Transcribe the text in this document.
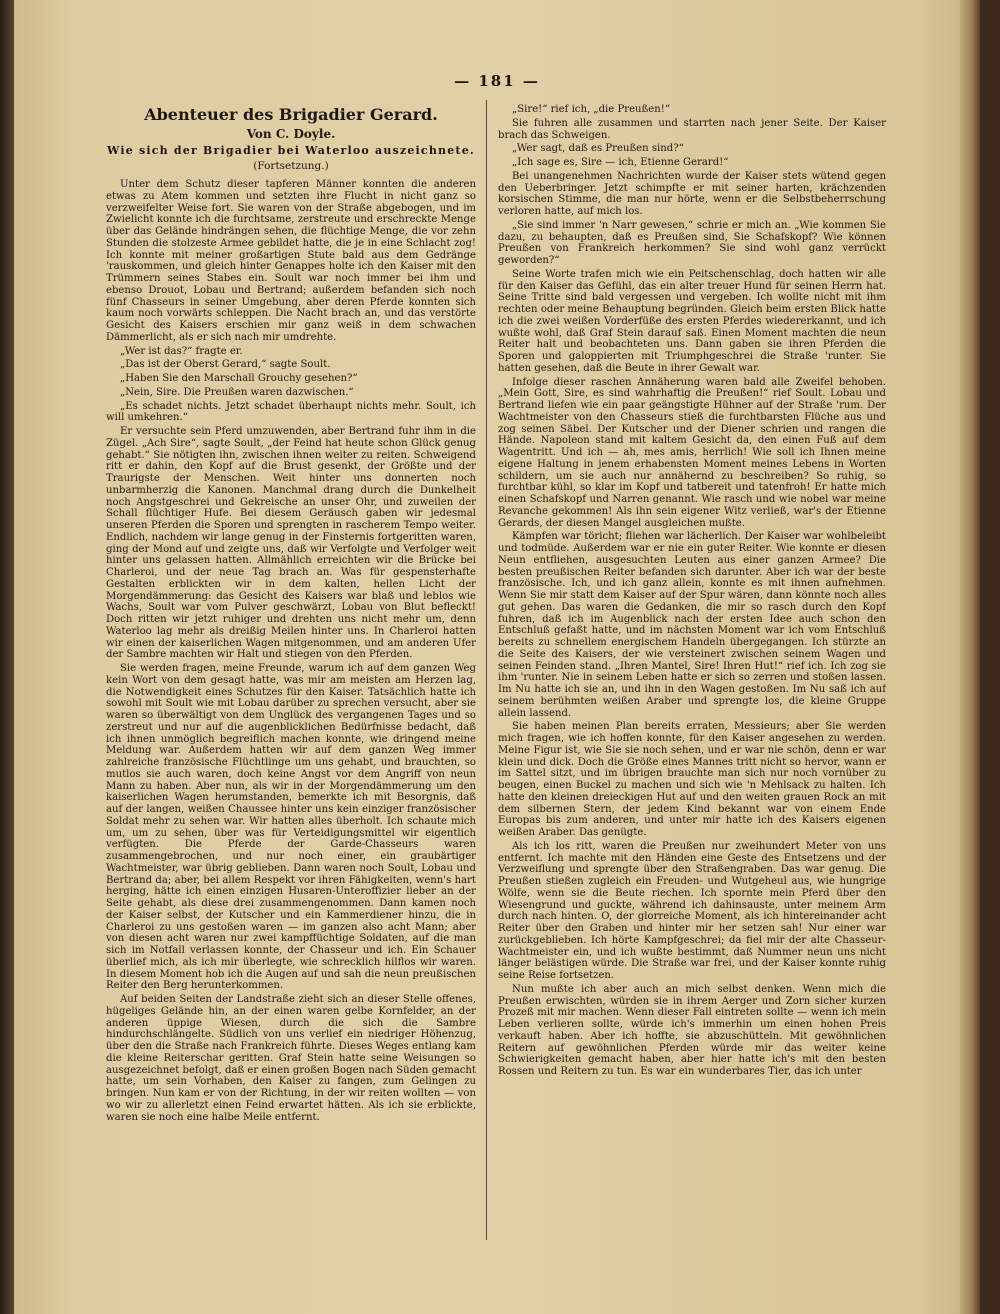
— 181 —
Abenteuer des Brigadier Gerard.
Von C. Doyle.
Wie sich der Brigadier bei Waterloo auszeichnete.
(Fortsetzung.)

Unter dem Schutz dieser tapferen Männer konnten die anderen etwas zu Atem kommen und setzten ihre Flucht in nicht ganz so verzweifelter Weise fort. Sie waren von der Straße abgebogen, und im Zwielicht konnte ich die furchtsame, zerstreute und erschreckte Menge über das Gelände hindrängen sehen, die flüchtige Menge, die vor zehn Stunden die stolzeste Armee gebildet hatte, die je in eine Schlacht zog! Ich konnte mit meiner großartigen Stute bald aus dem Gedränge 'rauskommen, und gleich hinter Genappes holte ich den Kaiser mit den Trümmern seines Stabes ein. Soult war noch immer bei ihm und ebenso Drouot, Lobau und Bertrand; außerdem befanden sich noch fünf Chasseurs in seiner Umgebung, aber deren Pferde konnten sich kaum noch vorwärts schleppen. Die Nacht brach an, und das verstörte Gesicht des Kaisers erschien mir ganz weiß in dem schwachen Dämmerlicht, als er sich nach mir umdrehte.

„Wer ist das?“ fragte er.

„Das ist der Oberst Gerard,“ sagte Soult.

„Haben Sie den Marschall Grouchy gesehen?“

„Nein, Sire. Die Preußen waren dazwischen.“

„Es schadet nichts. Jetzt schadet überhaupt nichts mehr. Soult, ich will umkehren.“

Er versuchte sein Pferd umzuwenden, aber Bertrand fuhr ihm in die Zügel. „Ach Sire“, sagte Soult, „der Feind hat heute schon Glück genug gehabt.“ Sie nötigten ihn, zwischen ihnen weiter zu reiten. Schweigend ritt er dahin, den Kopf auf die Brust gesenkt, der Größte und der Traurigste der Menschen. Weit hinter uns donnerten noch unbarmherzig die Kanonen. Manchmal drang durch die Dunkelheit noch Angstgeschrei und Gekreische an unser Ohr, und zuweilen der Schall flüchtiger Hufe. Bei diesem Geräusch gaben wir jedesmal unseren Pferden die Sporen und sprengten in rascherem Tempo weiter. Endlich, nachdem wir lange genug in der Finsternis fortgeritten waren, ging der Mond auf und zeigte uns, daß wir Verfolgte und Verfolger weit hinter uns gelassen hatten. Allmählich erreichten wir die Brücke bei Charleroi, und der neue Tag brach an. Was für gespensterhafte Gestalten erblickten wir in dem kalten, hellen Licht der Morgendämmerung: das Gesicht des Kaisers war blaß und leblos wie Wachs, Soult war vom Pulver geschwärzt, Lobau von Blut befleckt! Doch ritten wir jetzt ruhiger und drehten uns nicht mehr um, denn Waterloo lag mehr als dreißig Meilen hinter uns. In Charleroi hatten wir einen der kaiserlichen Wagen mitgenommen, und am anderen Ufer der Sambre machten wir Halt und stiegen von den Pferden.

Sie werden fragen, meine Freunde, warum ich auf dem ganzen Weg kein Wort von dem gesagt hatte, was mir am meisten am Herzen lag, die Notwendigkeit eines Schutzes für den Kaiser. Tatsächlich hatte ich sowohl mit Soult wie mit Lobau darüber zu sprechen versucht, aber sie waren so überwältigt von dem Unglück des vergangenen Tages und so zerstreut und nur auf die augenblicklichen Bedürfnisse bedacht, daß ich ihnen unmöglich begreiflich machen konnte, wie dringend meine Meldung war. Außerdem hatten wir auf dem ganzen Weg immer zahlreiche französische Flüchtlinge um uns gehabt, und brauchten, so mutlos sie auch waren, doch keine Angst vor dem Angriff von neun Mann zu haben. Aber nun, als wir in der Morgendämmerung um den kaiserlichen Wagen herumstanden, bemerkte ich mit Besorgnis, daß auf der langen, weißen Chaussee hinter uns kein einziger französischer Soldat mehr zu sehen war. Wir hatten alles überholt. Ich schaute mich um, um zu sehen, über was für Verteidigungsmittel wir eigentlich verfügten. Die Pferde der Garde-Chasseurs waren zusammengebrochen, und nur noch einer, ein graubärtiger Wachtmeister, war übrig geblieben. Dann waren noch Soult, Lobau und Bertrand da; aber, bei allem Respekt vor ihren Fähigkeiten, wenn's hart herging, hätte ich einen einzigen Husaren-Unteroffizier lieber an der Seite gehabt, als diese drei zusammengenommen. Dann kamen noch der Kaiser selbst, der Kutscher und ein Kammerdiener hinzu, die in Charleroi zu uns gestoßen waren — im ganzen also acht Mann; aber von diesen acht waren nur zwei kampffüchtige Soldaten, auf die man sich im Notfall verlassen konnte, der Chasseur und ich. Ein Schauer überlief mich, als ich mir überlegte, wie schrecklich hilflos wir waren. In diesem Moment hob ich die Augen auf und sah die neun preußischen Reiter den Berg herunterkommen.

Auf beiden Seiten der Landstraße zieht sich an dieser Stelle offenes, hügeliges Gelände hin, an der einen waren gelbe Kornfelder, an der anderen üppige Wiesen, durch die sich die Sambre hindurchschlängelte. Südlich von uns verlief ein niedriger Höhenzug, über den die Straße nach Frankreich führte. Dieses Weges entlang kam die kleine Reiterschar geritten. Graf Stein hatte seine Weisungen so ausgezeichnet befolgt, daß er einen großen Bogen nach Süden gemacht hatte, um sein Vorhaben, den Kaiser zu fangen, zum Gelingen zu bringen. Nun kam er von der Richtung, in der wir reiten wollten — von wo wir zu allerletzt einen Feind erwartet hätten. Als ich sie erblickte, waren sie noch eine halbe Meile entfernt.

„Sire!“ rief ich, „die Preußen!“

Sie fuhren alle zusammen und starrten nach jener Seite. Der Kaiser brach das Schweigen.

„Wer sagt, daß es Preußen sind?“

„Ich sage es, Sire — ich, Etienne Gerard!“

Bei unangenehmen Nachrichten wurde der Kaiser stets wütend gegen den Ueberbringer. Jetzt schimpfte er mit seiner harten, krächzenden korsischen Stimme, die man nur hörte, wenn er die Selbstbeherrschung verloren hatte, auf mich los.

„Sie sind immer 'n Narr gewesen,“ schrie er mich an. „Wie kommen Sie dazu, zu behaupten, daß es Preußen sind, Sie Schafskopf? Wie können Preußen von Frankreich herkommen? Sie sind wohl ganz verrückt geworden?“

Seine Worte trafen mich wie ein Peitschenschlag, doch hatten wir alle für den Kaiser das Gefühl, das ein alter treuer Hund für seinen Herrn hat. Seine Tritte sind bald vergessen und vergeben. Ich wollte nicht mit ihm rechten oder meine Behauptung begründen. Gleich beim ersten Blick hatte ich die zwei weißen Vorderfüße des ersten Pferdes wiedererkannt, und ich wußte wohl, daß Graf Stein darauf saß. Einen Moment machten die neun Reiter halt und beobachteten uns. Dann gaben sie ihren Pferden die Sporen und galoppierten mit Triumphgeschrei die Straße 'runter. Sie hatten gesehen, daß die Beute in ihrer Gewalt war.

Infolge dieser raschen Annäherung waren bald alle Zweifel behoben. „Mein Gott, Sire, es sind wahrhaftig die Preußen!“ rief Soult. Lobau und Bertrand liefen wie ein paar geängstigte Hühner auf der Straße 'rum. Der Wachtmeister von den Chasseurs stieß die furchtbarsten Flüche aus und zog seinen Säbel. Der Kutscher und der Diener schrien und rangen die Hände. Napoleon stand mit kaltem Gesicht da, den einen Fuß auf dem Wagentritt. Und ich — ah, mes amis, herrlich! Wie soll ich Ihnen meine eigene Haltung in jenem erhabensten Moment meines Lebens in Worten schildern, um sie auch nur annähernd zu beschreiben? So ruhig, so furchtbar kühl, so klar im Kopf und tatbereit und tatenfroh! Er hatte mich einen Schafskopf und Narren genannt. Wie rasch und wie nobel war meine Revanche gekommen! Als ihn sein eigener Witz verließ, war's der Etienne Gerards, der diesen Mangel ausgleichen mußte.

Kämpfen war töricht; fliehen war lächerlich. Der Kaiser war wohlbeleibt und todmüde. Außerdem war er nie ein guter Reiter. Wie konnte er diesen Neun entfliehen, ausgesuchten Leuten aus einer ganzen Armee? Die besten preußischen Reiter befanden sich darunter. Aber ich war der beste französische. Ich, und ich ganz allein, konnte es mit ihnen aufnehmen. Wenn Sie mir statt dem Kaiser auf der Spur wären, dann könnte noch alles gut gehen. Das waren die Gedanken, die mir so rasch durch den Kopf fuhren, daß ich im Augenblick nach der ersten Idee auch schon den Entschluß gefaßt hatte, und im nächsten Moment war ich vom Entschluß bereits zu schnellem energischem Handeln übergegangen. Ich stürzte an die Seite des Kaisers, der wie versteinert zwischen seinem Wagen und seinen Feinden stand. „Ihren Mantel, Sire! Ihren Hut!“ rief ich. Ich zog sie ihm 'runter. Nie in seinem Leben hatte er sich so zerren und stoßen lassen. Im Nu hatte ich sie an, und ihn in den Wagen gestoßen. Im Nu saß ich auf seinem berühmten weißen Araber und sprengte los, die kleine Gruppe allein lassend.

Sie haben meinen Plan bereits erraten, Messieurs; aber Sie werden mich fragen, wie ich hoffen konnte, für den Kaiser angesehen zu werden. Meine Figur ist, wie Sie sie noch sehen, und er war nie schön, denn er war klein und dick. Doch die Größe eines Mannes tritt nicht so hervor, wann er im Sattel sitzt, und im übrigen brauchte man sich nur noch vornüber zu beugen, einen Buckel zu machen und sich wie 'n Mehlsack zu halten. Ich hatte den kleinen dreieckigen Hut auf und den weiten grauen Rock an mit dem silbernen Stern, der jedem Kind bekannt war von einem Ende Europas bis zum anderen, und unter mir hatte ich des Kaisers eigenen weißen Araber. Das genügte.

Als ich los ritt, waren die Preußen nur zweihundert Meter von uns entfernt. Ich machte mit den Händen eine Geste des Entsetzens und der Verzweiflung und sprengte über den Straßengraben. Das war genug. Die Preußen stießen zugleich ein Freuden- und Wutgeheul aus, wie hungrige Wölfe, wenn sie die Beute riechen. Ich spornte mein Pferd über den Wiesengrund und guckte, während ich dahinsauste, unter meinem Arm durch nach hinten. O, der glorreiche Moment, als ich hintereinander acht Reiter über den Graben und hinter mir her setzen sah! Nur einer war zurückgeblieben. Ich hörte Kampfgeschrei; da fiel mir der alte Chasseur-Wachtmeister ein, und ich wußte bestimmt, daß Nummer neun uns nicht länger belästigen würde. Die Straße war frei, und der Kaiser konnte ruhig seine Reise fortsetzen.

Nun mußte ich aber auch an mich selbst denken. Wenn mich die Preußen erwischten, würden sie in ihrem Aerger und Zorn sicher kurzen Prozeß mit mir machen. Wenn dieser Fall eintreten sollte — wenn ich mein Leben verlieren sollte, würde ich's immerhin um einen hohen Preis verkauft haben. Aber ich hoffte, sie abzuschütteln. Mit gewöhnlichen Reitern auf gewöhnlichen Pferden würde mir das weiter keine Schwierigkeiten gemacht haben, aber hier hatte ich's mit den besten Rossen und Reitern zu tun. Es war ein wunderbares Tier, das ich unter
